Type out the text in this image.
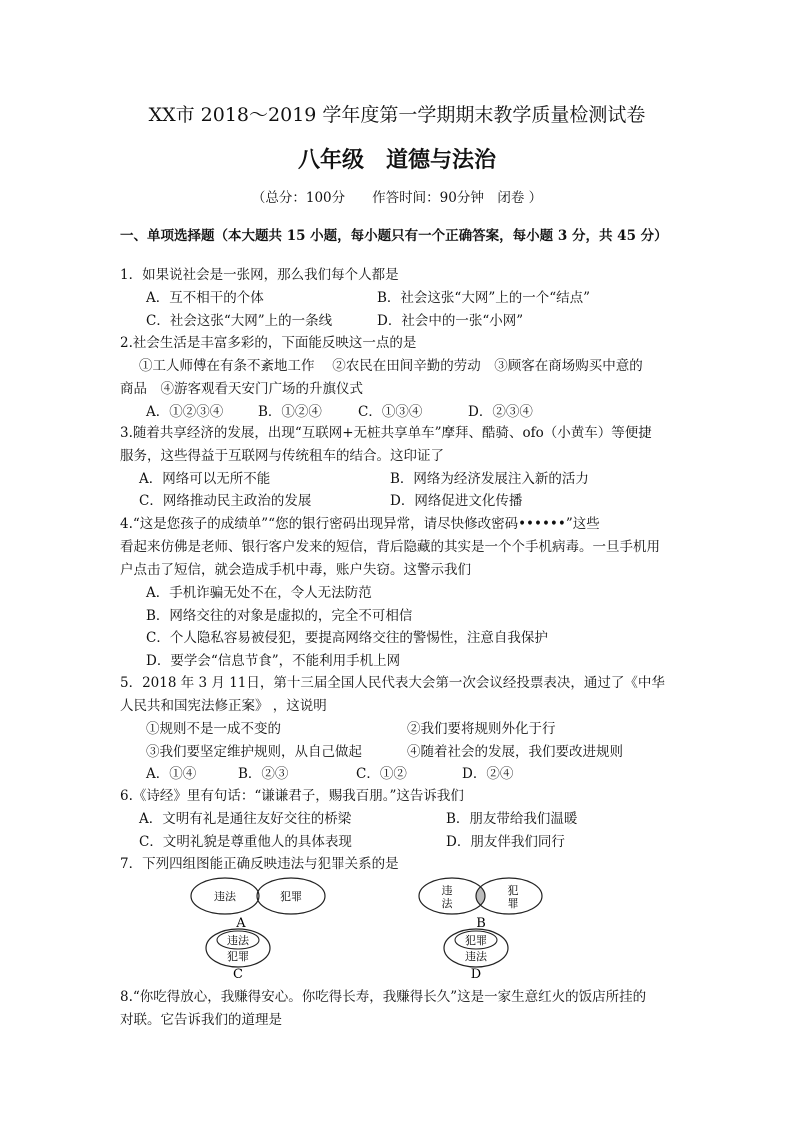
XX市 2018～2019 学年度第一学期期末教学质量检测试卷
八年级　道德与法治
（总分：100分　　作答时间：90分钟　闭卷 ）
一、单项选择题（本大题共 15 小题，每小题只有一个正确答案，每小题 3 分，共 45 分）
1．如果说社会是一张网，那么我们每个人都是
A．互不相干的个体	B．社会这张“大网”上的一个“结点”
C．社会这张“大网”上的一条线	D．社会中的一张“小网”
2.社会生活是丰富多彩的，下面能反映这一点的是
①工人师傅在有条不紊地工作　 ②农民在田间辛勤的劳动　③顾客在商场购买中意的
商品　④游客观看天安门广场的升旗仪式
A．①②③④	B．①②④	C．①③④	D．②③④
3.随着共享经济的发展，出现“互联网+无桩共享单车”摩拜、酷骑、ofo（小黄车）等便捷
服务，这些得益于互联网与传统租车的结合。这印证了
A．网络可以无所不能	B．网络为经济发展注入新的活力
C．网络推动民主政治的发展	D．网络促进文化传播
4.“这是您孩子的成绩单”“您的银行密码出现异常，请尽快修改密码••••••”这些
看起来仿佛是老师、银行客户发来的短信，背后隐藏的其实是一个个手机病毒。一旦手机用
户点击了短信，就会造成手机中毒，账户失窃。这警示我们
A．手机诈骗无处不在，令人无法防范
B．网络交往的对象是虚拟的，完全不可相信
C．个人隐私容易被侵犯，要提高网络交往的警惕性，注意自我保护
D．要学会“信息节食”，不能利用手机上网
5．2018 年 3 月 11日，第十三届全国人民代表大会第一次会议经投票表决，通过了《中华
人民共和国宪法修正案》 ，这说明
①规则不是一成不变的	②我们要将规则外化于行
③我们要坚定维护规则，从自己做起	④随着社会的发展，我们要改进规则
A．①④	B．②③	C．①②	D．②④
6.《诗经》里有句话：“谦谦君子，赐我百朋。”这告诉我们
A．文明有礼是通往友好交往的桥梁	B．朋友带给我们温暖
C．文明礼貌是尊重他人的具体表现	D．朋友伴我们同行
7．下列四组图能正确反映违法与犯罪关系的是
违法	犯罪
A
违
法
犯
罪
B
违法
犯罪
C
犯罪
违法
D
8.“你吃得放心，我赚得安心。你吃得长寿，我赚得长久”这是一家生意红火的饭店所挂的
对联。它告诉我们的道理是
